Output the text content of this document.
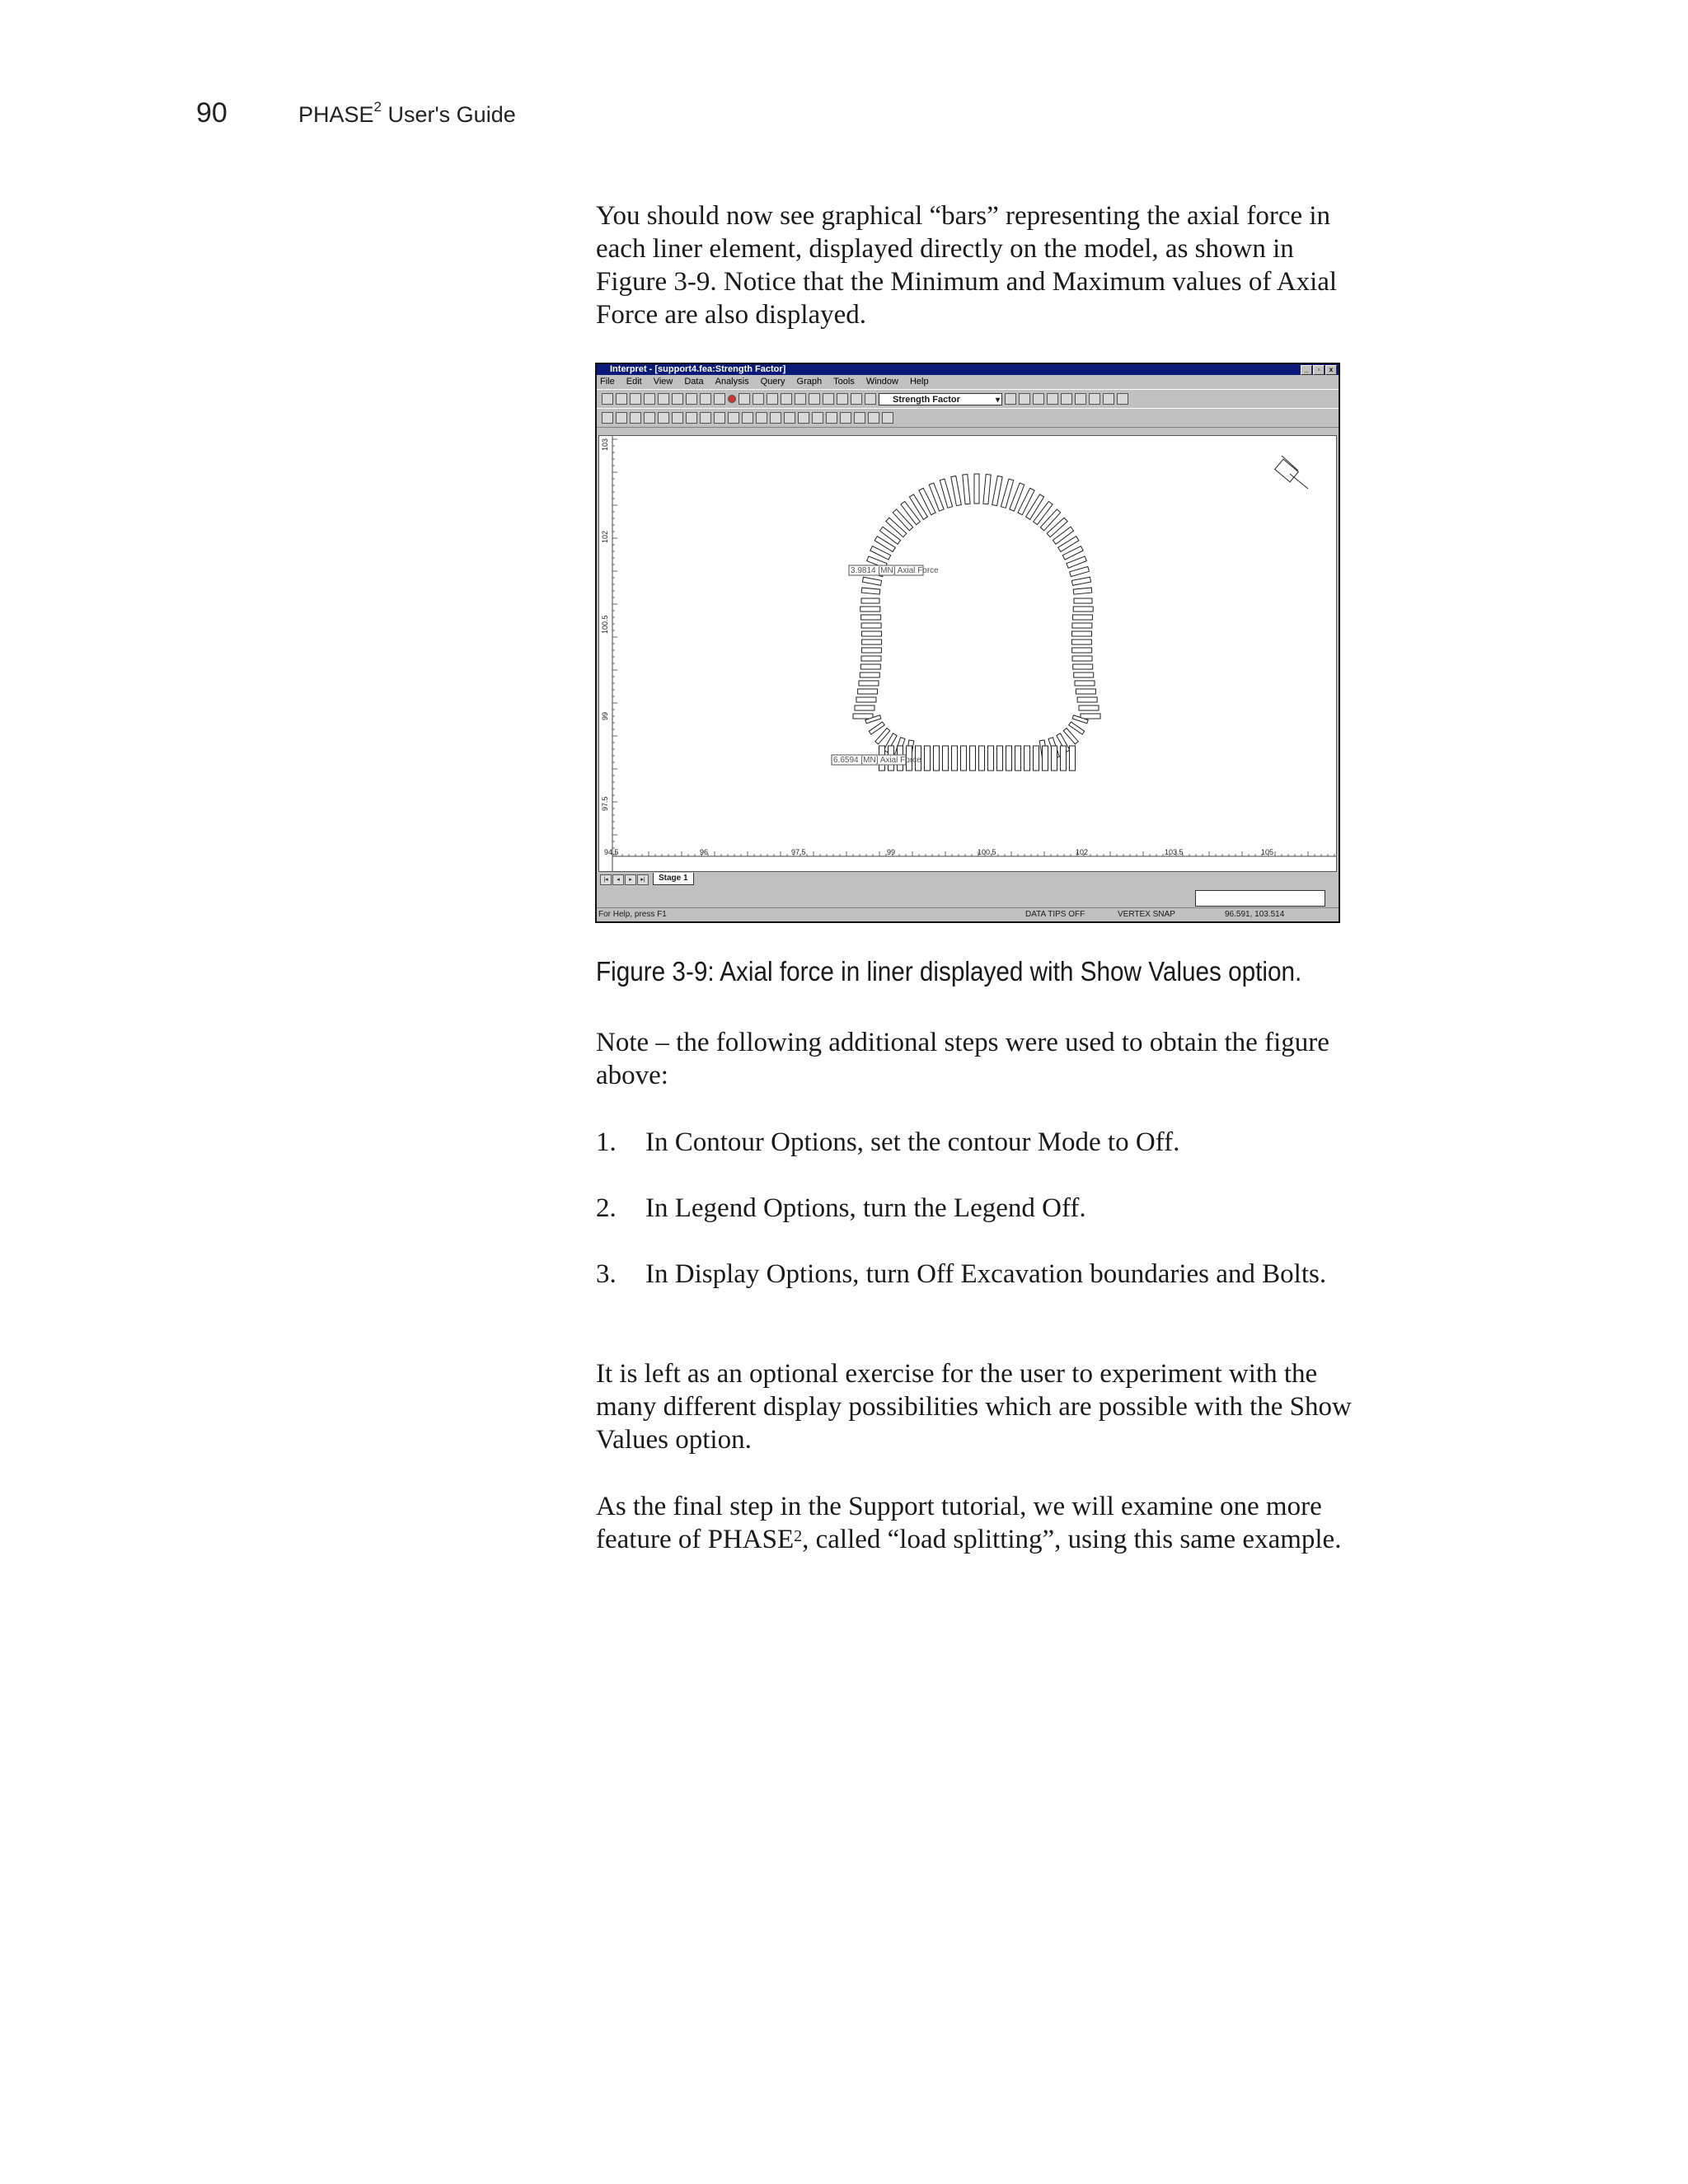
90	PHASE$^2$ User's Guide

You should now see graphical “bars” representing the axial force in each liner element, displayed directly on the model, as shown in Figure 3-9. Notice that the Minimum and Maximum values of Axial Force are also displayed.

Interpret - [support4.fea:Strength Factor]	_	▫	x
File Edit View Data Analysis Query Graph Tools Window Help
Strength Factor ▾
3.9814 [MN] Axial Force
6.6594 [MN] Axial Force
94.5	96	97.5	99	100.5	102	103.5	105
103
102
100.5
99
97.5
|◂	◂	▸	▸|	Stage 1
For Help, press F1	DATA TIPS OFF	VERTEX SNAP	96.591, 103.514
Figure 3-9: Axial force in liner displayed with Show Values option.

Note – the following additional steps were used to obtain the figure above:

1. In Contour Options, set the contour Mode to Off.
2. In Legend Options, turn the Legend Off.
3. In Display Options, turn Off Excavation boundaries and Bolts.

It is left as an optional exercise for the user to experiment with the many different display possibilities which are possible with the Show Values option.

As the final step in the Support tutorial, we will examine one more feature of PHASE$^2$, called “load splitting”, using this same example.
